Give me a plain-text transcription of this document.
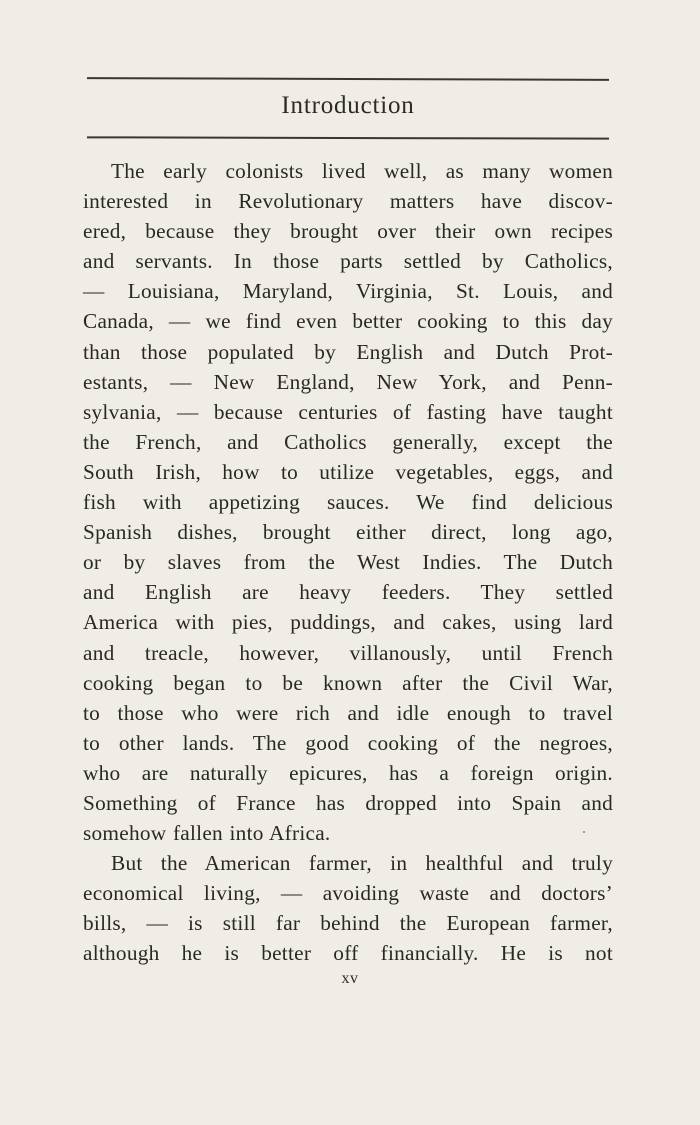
Introduction
The early colonists lived well, as many women
interested in Revolutionary matters have discov-
ered, because they brought over their own recipes
and servants. In those parts settled by Catholics,
— Louisiana, Maryland, Virginia, St. Louis, and
Canada, — we find even better cooking to this day
than those populated by English and Dutch Prot-
estants, — New England, New York, and Penn-
sylvania, — because centuries of fasting have taught
the French, and Catholics generally, except the
South Irish, how to utilize vegetables, eggs, and
fish with appetizing sauces. We find delicious
Spanish dishes, brought either direct, long ago,
or by slaves from the West Indies. The Dutch
and English are heavy feeders. They settled
America with pies, puddings, and cakes, using lard
and treacle, however, villanously, until French
cooking began to be known after the Civil War,
to those who were rich and idle enough to travel
to other lands. The good cooking of the negroes,
who are naturally epicures, has a foreign origin.
Something of France has dropped into Spain and
somehow fallen into Africa.
But the American farmer, in healthful and truly
economical living, — avoiding waste and doctors’
bills, — is still far behind the European farmer,
although he is better off financially. He is not
xv
